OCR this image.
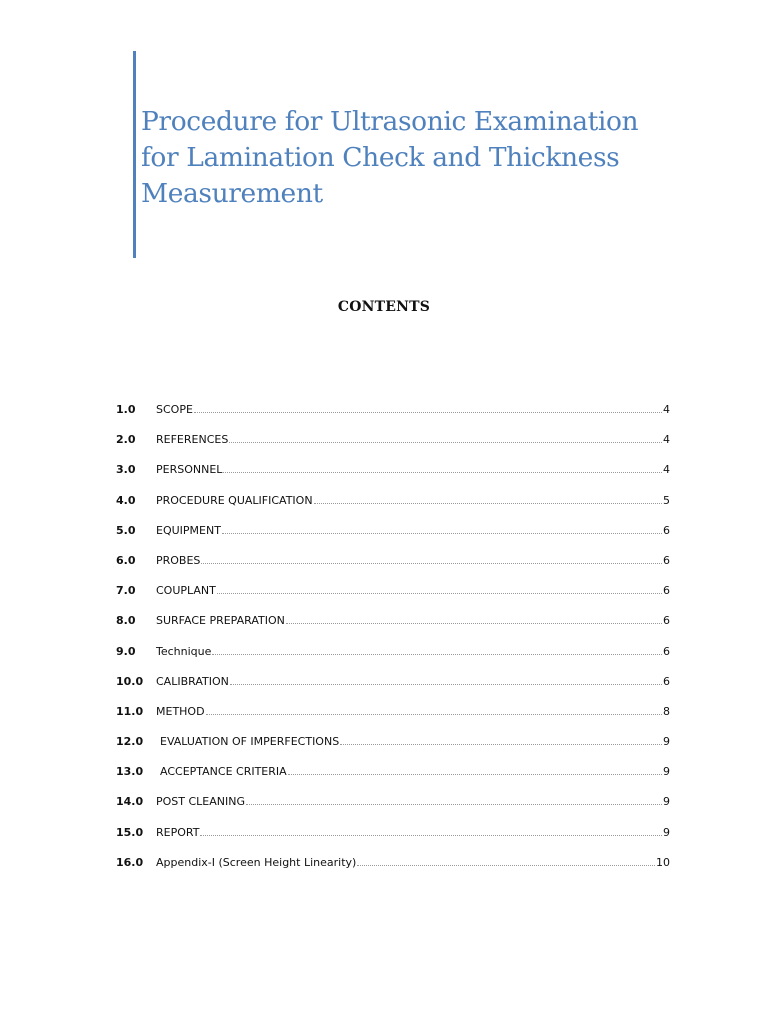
Procedure for Ultrasonic Examination
for Lamination Check and Thickness
Measurement
CONTENTS
1.0 SCOPE	4
2.0 REFERENCES	4
3.0 PERSONNEL	4
4.0 PROCEDURE QUALIFICATION	5
5.0 EQUIPMENT	6
6.0 PROBES	6
7.0 COUPLANT	6
8.0 SURFACE PREPARATION	6
9.0 Technique	6
10.0 CALIBRATION	6
11.0 METHOD	8
12.0	EVALUATION OF IMPERFECTIONS	9
13.0	ACCEPTANCE CRITERIA	9
14.0 POST CLEANING	9
15.0 REPORT	9
16.0 Appendix-I (Screen Height Linearity)	10
